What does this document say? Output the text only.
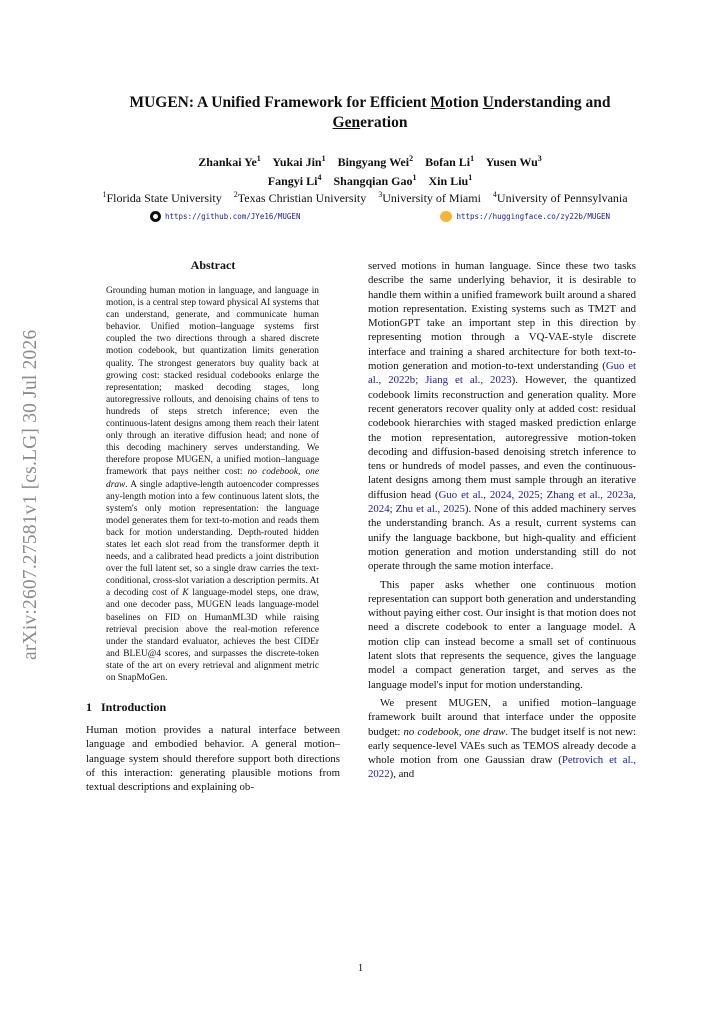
arXiv:2607.27581v1 [cs.LG] 30 Jul 2026
MUGEN: A Unified Framework for Efficient Motion Understanding and
Generation
Zhankai Ye$^1$ Yukai Jin$^1$ Bingyang Wei$^2$ Bofan Li$^1$ Yusen Wu$^3$
Fangyi Li$^4$ Shangqian Gao$^1$ Xin Liu$^1$
$^1$Florida State University $^2$Texas Christian University $^3$University of Miami $^4$University of Pennsylvania
https://github.com/JYe16/MUGEN	https://huggingface.co/zy22b/MUGEN
Abstract

Grounding human motion in language, and language in motion, is a central step toward physical AI systems that can understand, generate, and communicate human behavior. Unified motion–language systems first coupled the two directions through a shared discrete motion codebook, but quantization limits generation quality. The strongest generators buy quality back at growing cost: stacked residual codebooks enlarge the representation; masked decoding stages, long autoregressive rollouts, and denoising chains of tens to hundreds of steps stretch inference; even the continuous-latent designs among them reach their latent only through an iterative diffusion head; and none of this decoding machinery serves understanding. We therefore propose MUGEN, a unified motion–language framework that pays neither cost: no codebook, one draw. A single adaptive-length autoencoder compresses any-length motion into a few continuous latent slots, the system's only motion representation: the language model generates them for text-to-motion and reads them back for motion understanding. Depth-routed hidden states let each slot read from the transformer depth it needs, and a calibrated head predicts a joint distribution over the full latent set, so a single draw carries the text-conditional, cross-slot variation a description permits. At a decoding cost of K language-model steps, one draw, and one decoder pass, MUGEN leads language-model baselines on FID on HumanML3D while raising retrieval precision above the real-motion reference under the standard evaluator, achieves the best CIDEr and BLEU@4 scores, and surpasses the discrete-token state of the art on every retrieval and alignment metric on SnapMoGen.

1 Introduction

Human motion provides a natural interface between language and embodied behavior. A general motion–language system should therefore support both directions of this interaction: generating plausible motions from textual descriptions and explaining ob-

served motions in human language. Since these two tasks describe the same underlying behavior, it is desirable to handle them within a unified framework built around a shared motion representation. Existing systems such as TM2T and MotionGPT take an important step in this direction by representing motion through a VQ-VAE-style discrete interface and training a shared architecture for both text-to-motion generation and motion-to-text understanding (Guo et al., 2022b; Jiang et al., 2023). However, the quantized codebook limits reconstruction and generation quality. More recent generators recover quality only at added cost: residual codebook hierarchies with staged masked prediction enlarge the motion representation, autoregressive motion-token decoding and diffusion-based denoising stretch inference to tens or hundreds of model passes, and even the continuous-latent designs among them must sample through an iterative diffusion head (Guo et al., 2024, 2025; Zhang et al., 2023a, 2024; Zhu et al., 2025). None of this added machinery serves the understanding branch. As a result, current systems can unify the language backbone, but high-quality and efficient motion generation and motion understanding still do not operate through the same motion interface.

This paper asks whether one continuous motion representation can support both generation and understanding without paying either cost. Our insight is that motion does not need a discrete codebook to enter a language model. A motion clip can instead become a small set of continuous latent slots that represents the sequence, gives the language model a compact generation target, and serves as the language model's input for motion understanding.

We present MUGEN, a unified motion–language framework built around that interface under the opposite budget: no codebook, one draw. The budget itself is not new: early sequence-level VAEs such as TEMOS already decode a whole motion from one Gaussian draw (Petrovich et al., 2022), and

1
